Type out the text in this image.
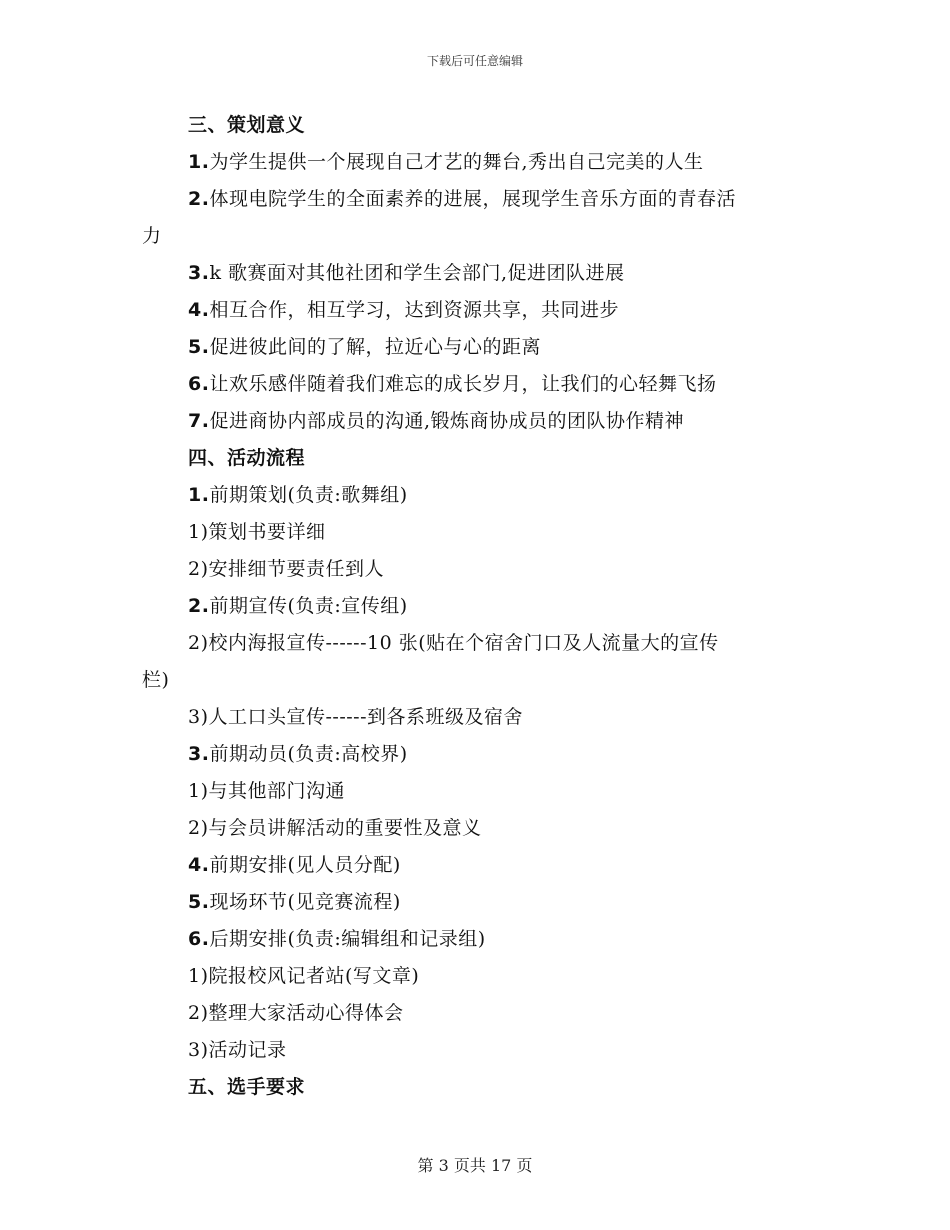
下载后可任意编辑
三、策划意义
1.为学生提供一个展现自己才艺的舞台,秀出自己完美的人生
2.体现电院学生的全面素养的进展，展现学生音乐方面的青春活
力
3.k 歌赛面对其他社团和学生会部门,促进团队进展
4.相互合作，相互学习，达到资源共享，共同进步
5.促进彼此间的了解，拉近心与心的距离
6.让欢乐感伴随着我们难忘的成长岁月，让我们的心轻舞飞扬
7.促进商协内部成员的沟通,锻炼商协成员的团队协作精神
四、活动流程
1.前期策划(负责:歌舞组)
1)策划书要详细
2)安排细节要责任到人
2.前期宣传(负责:宣传组)
2)校内海报宣传------10 张(贴在个宿舍门口及人流量大的宣传
栏)
3)人工口头宣传------到各系班级及宿舍
3.前期动员(负责:高校界)
1)与其他部门沟通
2)与会员讲解活动的重要性及意义
4.前期安排(见人员分配)
5.现场环节(见竞赛流程)
6.后期安排(负责:编辑组和记录组)
1)院报校风记者站(写文章)
2)整理大家活动心得体会
3)活动记录
五、选手要求
第 3 页共 17 页
